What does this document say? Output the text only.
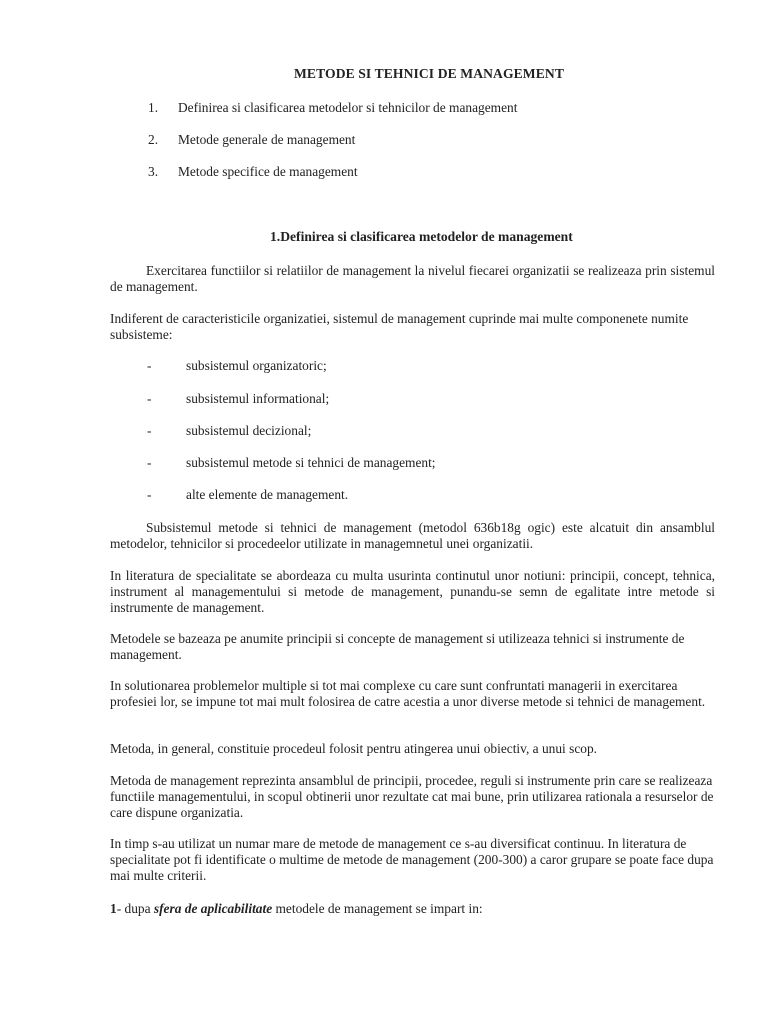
METODE SI TEHNICI DE MANAGEMENT
1. Definirea si clasificarea metodelor si tehnicilor de management
2. Metode generale de management
3. Metode specifice de management
1.Definirea si clasificarea metodelor de management
Exercitarea functiilor si relatiilor de management la nivelul fiecarei organizatii se realizeaza prin sistemul de management.
Indiferent de caracteristicile organizatiei, sistemul de management cuprinde mai multe componenete numite subsisteme:
-	subsistemul organizatoric;
-	subsistemul informational;
-	subsistemul decizional;
-	subsistemul metode si tehnici de management;
-	alte elemente de management.
Subsistemul metode si tehnici de management (metodol 636b18g ogic) este alcatuit din ansamblul metodelor, tehnicilor si procedeelor utilizate in managemnetul unei organizatii.
In literatura de specialitate se abordeaza cu multa usurinta continutul unor notiuni: principii, concept, tehnica, instrument al managementului si metode de management, punandu-se semn de egalitate intre metode si instrumente de management.
Metodele se bazeaza pe anumite principii si concepte de management si utilizeaza tehnici si instrumente de management.
In solutionarea problemelor multiple si tot mai complexe cu care sunt confruntati managerii in exercitarea profesiei lor, se impune tot mai mult folosirea de catre acestia a unor diverse metode si tehnici de management.
Metoda, in general, constituie procedeul folosit pentru atingerea unui obiectiv, a unui scop.
Metoda de management reprezinta ansamblul de principii, procedee, reguli si instrumente prin care se realizeaza functiile managementului, in scopul obtinerii unor rezultate cat mai bune, prin utilizarea rationala a resurselor de care dispune organizatia.
In timp s-au utilizat un numar mare de metode de management ce s-au diversificat continuu. In literatura de specialitate pot fi identificate o multime de metode de management (200-300) a caror grupare se poate face dupa mai multe criterii.
1- dupa sfera de aplicabilitate metodele de management se impart in:
